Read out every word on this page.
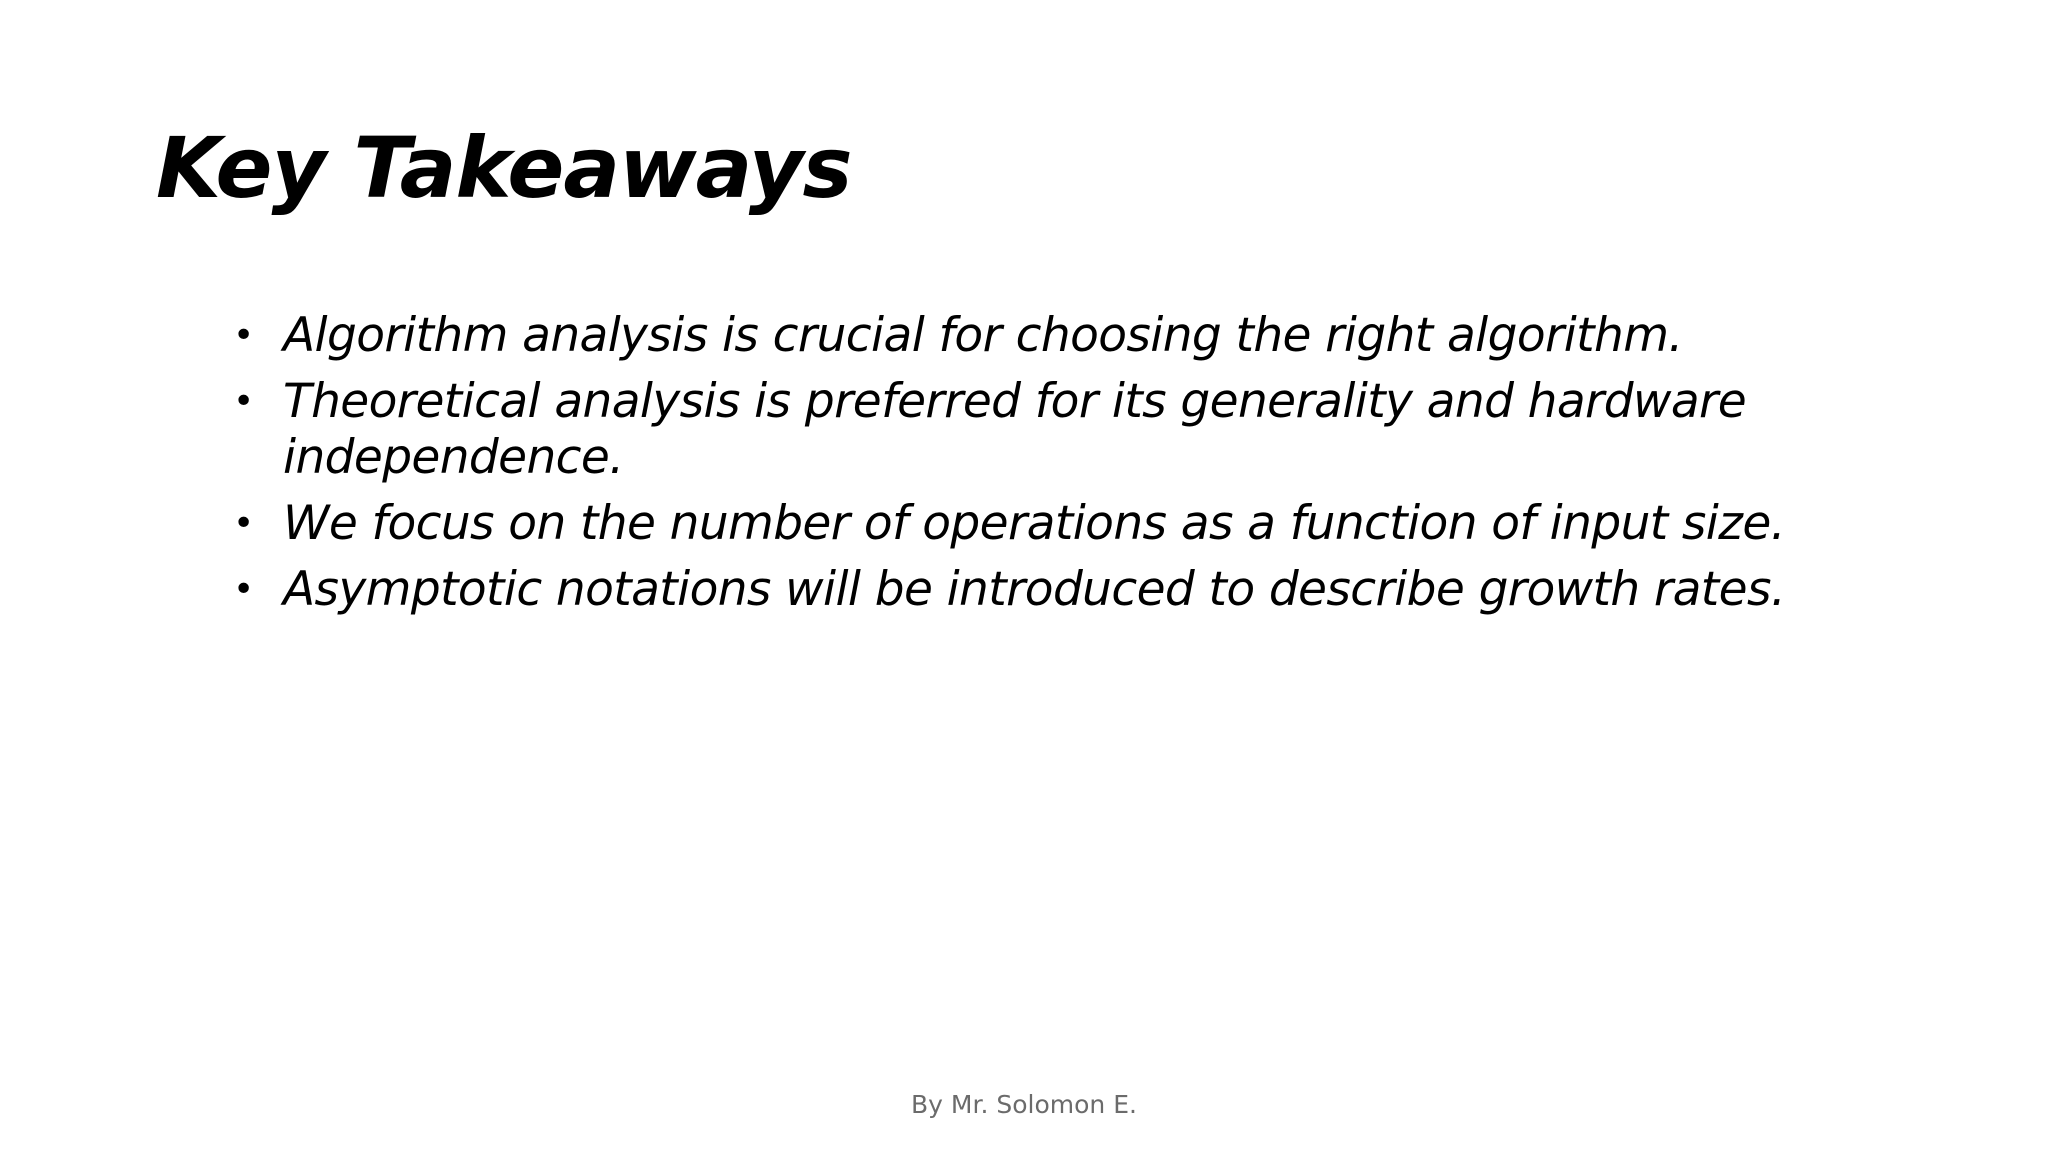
Key Takeaways
• Algorithm analysis is crucial for choosing the right algorithm.
• Theoretical analysis is preferred for its generality and hardware independence.
• We focus on the number of operations as a function of input size.
• Asymptotic notations will be introduced to describe growth rates.
By Mr. Solomon E.
